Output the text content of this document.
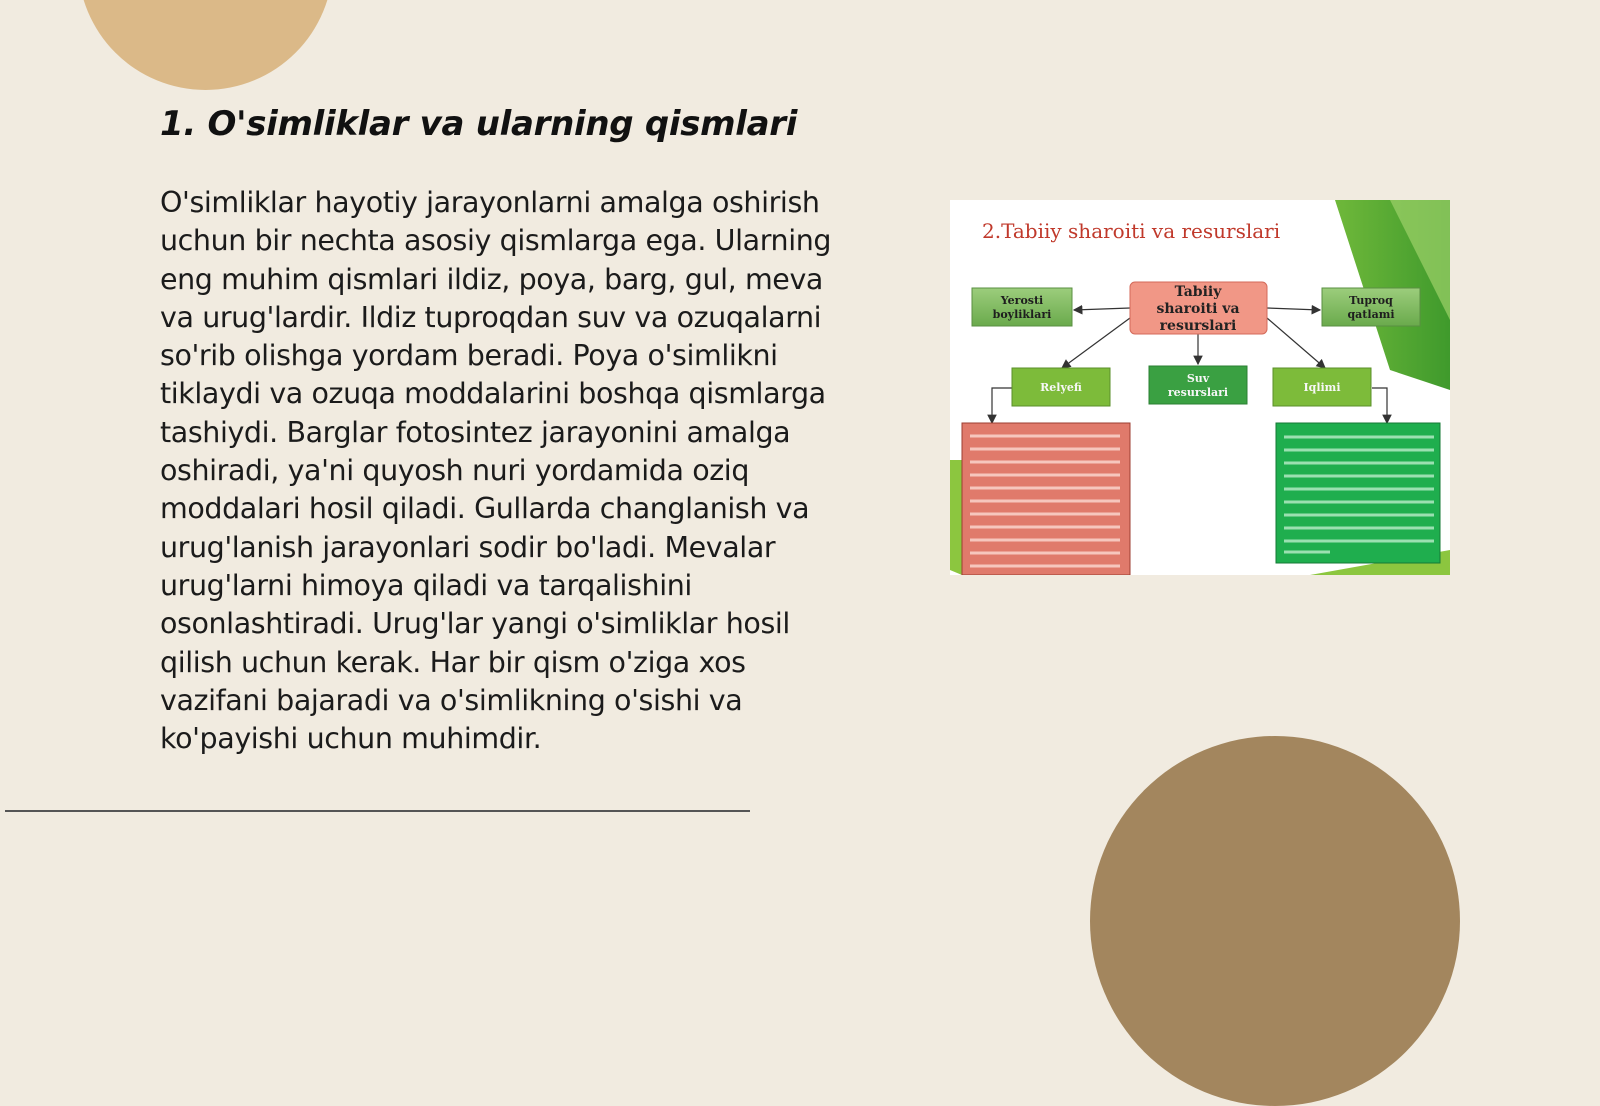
1. O'simliklar va ularning qismlari

O'simliklar hayotiy jarayonlarni amalga oshirish uchun bir nechta asosiy qismlarga ega. Ularning eng muhim qismlari ildiz, poya, barg, gul, meva va urug'lardir. Ildiz tuproqdan suv va ozuqalarni so'rib olishga yordam beradi. Poya o'simlikni tiklaydi va ozuqa moddalarini boshqa qismlarga tashiydi. Barglar fotosintez jarayonini amalga oshiradi, ya'ni quyosh nuri yordamida oziq moddalari hosil qiladi. Gullarda changlanish va urug'lanish jarayonlari sodir bo'ladi. Mevalar urug'larni himoya qiladi va tarqalishini osonlashtiradi. Urug'lar yangi o'simliklar hosil qilish uchun kerak. Har bir qism o'ziga xos vazifani bajaradi va o'simlikning o'sishi va ko'payishi uchun muhimdir.

2.Tabiiy sharoiti va resurslari
Tabiiy
sharoiti va
resurslari
Yerosti
boyliklari
Tuproq
qatlami
Relyefi
Suv
resurslari	Iqlimi
